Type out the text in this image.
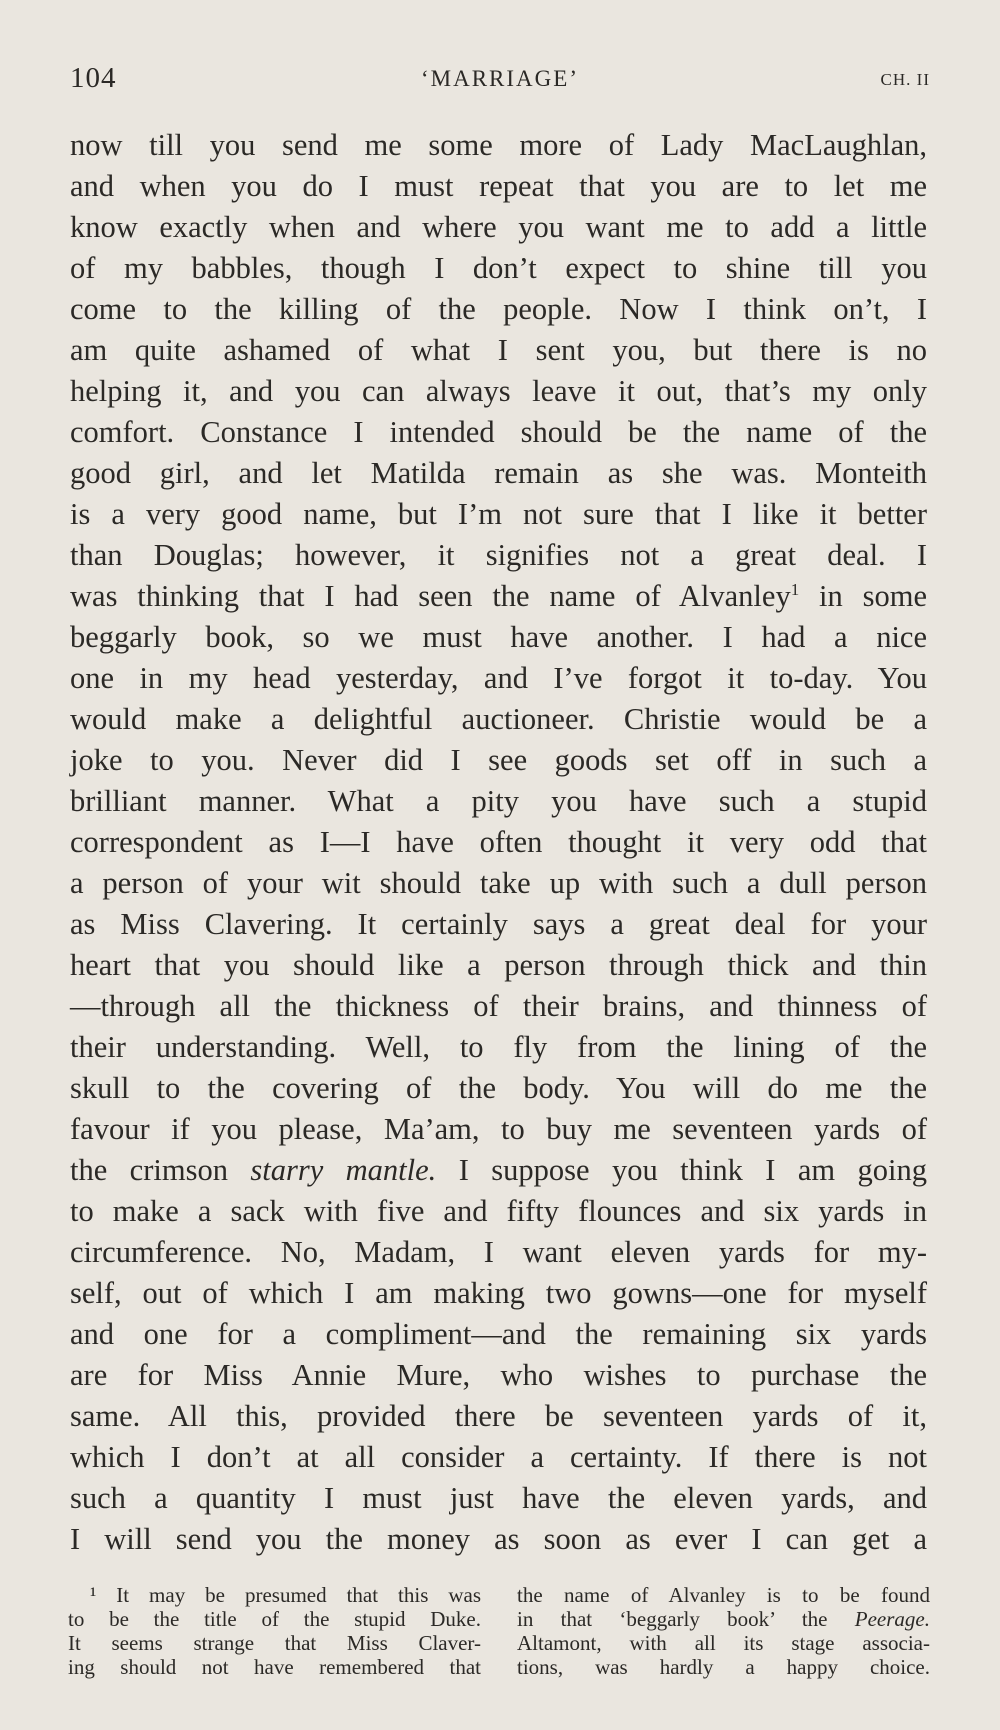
104	‘MARRIAGE’	CH. II
now till you send me some more of Lady MacLaughlan,
and when you do I must repeat that you are to let me
know exactly when and where you want me to add a little
of my babbles, though I don’t expect to shine till you
come to the killing of the people. Now I think on’t, I
am quite ashamed of what I sent you, but there is no
helping it, and you can always leave it out, that’s my only
comfort. Constance I intended should be the name of the
good girl, and let Matilda remain as she was. Monteith
is a very good name, but I’m not sure that I like it better
than Douglas; however, it signifies not a great deal. I
was thinking that I had seen the name of Alvanley$^1$ in some
beggarly book, so we must have another. I had a nice
one in my head yesterday, and I’ve forgot it to-day. You
would make a delightful auctioneer. Christie would be a
joke to you. Never did I see goods set off in such a
brilliant manner. What a pity you have such a stupid
correspondent as I—I have often thought it very odd that
a person of your wit should take up with such a dull person
as Miss Clavering. It certainly says a great deal for your
heart that you should like a person through thick and thin
—through all the thickness of their brains, and thinness of
their understanding. Well, to fly from the lining of the
skull to the covering of the body. You will do me the
favour if you please, Ma’am, to buy me seventeen yards of
the crimson starry mantle. I suppose you think I am going
to make a sack with five and fifty flounces and six yards in
circumference. No, Madam, I want eleven yards for my-
self, out of which I am making two gowns—one for myself
and one for a compliment—and the remaining six yards
are for Miss Annie Mure, who wishes to purchase the
same. All this, provided there be seventeen yards of it,
which I don’t at all consider a certainty. If there is not
such a quantity I must just have the eleven yards, and
I will send you the money as soon as ever I can get a
¹ It may be presumed that this was
to be the title of the stupid Duke.
It seems strange that Miss Claver-
ing should not have remembered that
the name of Alvanley is to be found
in that ‘beggarly book’ the Peerage.
Altamont, with all its stage associa-
tions, was hardly a happy choice.
